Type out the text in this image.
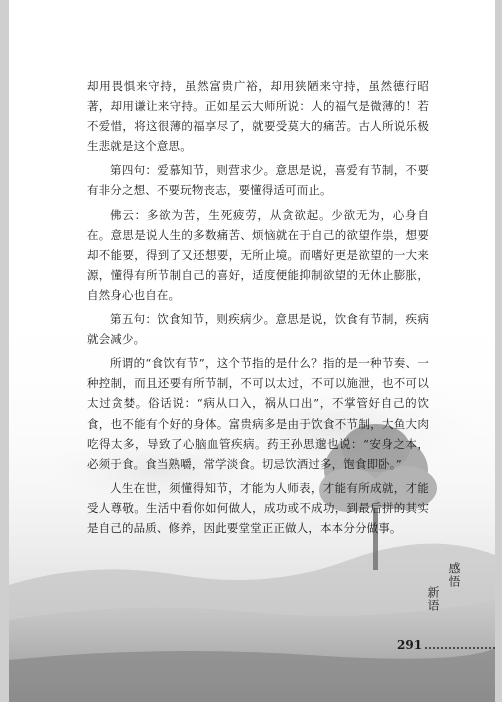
却用畏惧来守持，虽然富贵广裕，却用狭陋来守持，虽然德行昭著，却用谦让来守持。正如星云大师所说：人的福气是微薄的！若不爱惜，将这很薄的福享尽了，就要受莫大的痛苦。古人所说乐极生悲就是这个意思。

第四句：爱慕知节，则营求少。意思是说，喜爱有节制，不要有非分之想、不要玩物丧志，要懂得适可而止。

佛云：多欲为苦，生死疲劳，从贪欲起。少欲无为，心身自在。意思是说人生的多数痛苦、烦恼就在于自己的欲望作祟，想要却不能要，得到了又还想要，无所止境。而嗜好更是欲望的一大来源，懂得有所节制自己的喜好，适度便能抑制欲望的无休止膨胀，自然身心也自在。

第五句：饮食知节，则疾病少。意思是说，饮食有节制，疾病就会减少。

所谓的“食饮有节”，这个节指的是什么？指的是一种节奏、一种控制，而且还要有所节制，不可以太过，不可以施泄，也不可以太过贪婪。俗话说：“病从口入，祸从口出”，不掌管好自己的饮食，也不能有个好的身体。富贵病多是由于饮食不节制，大鱼大肉吃得太多，导致了心脑血管疾病。药王孙思邈也说：“安身之本，必须于食。食当熟嚼，常学淡食。切忌饮酒过多，饱食即卧。”

人生在世，须懂得知节，才能为人师表，才能有所成就，才能受人尊敬。生活中看你如何做人，成功或不成功，到最后拼的其实是自己的品质、修养，因此要堂堂正正做人，本本分分做事。

感悟
新语
291
